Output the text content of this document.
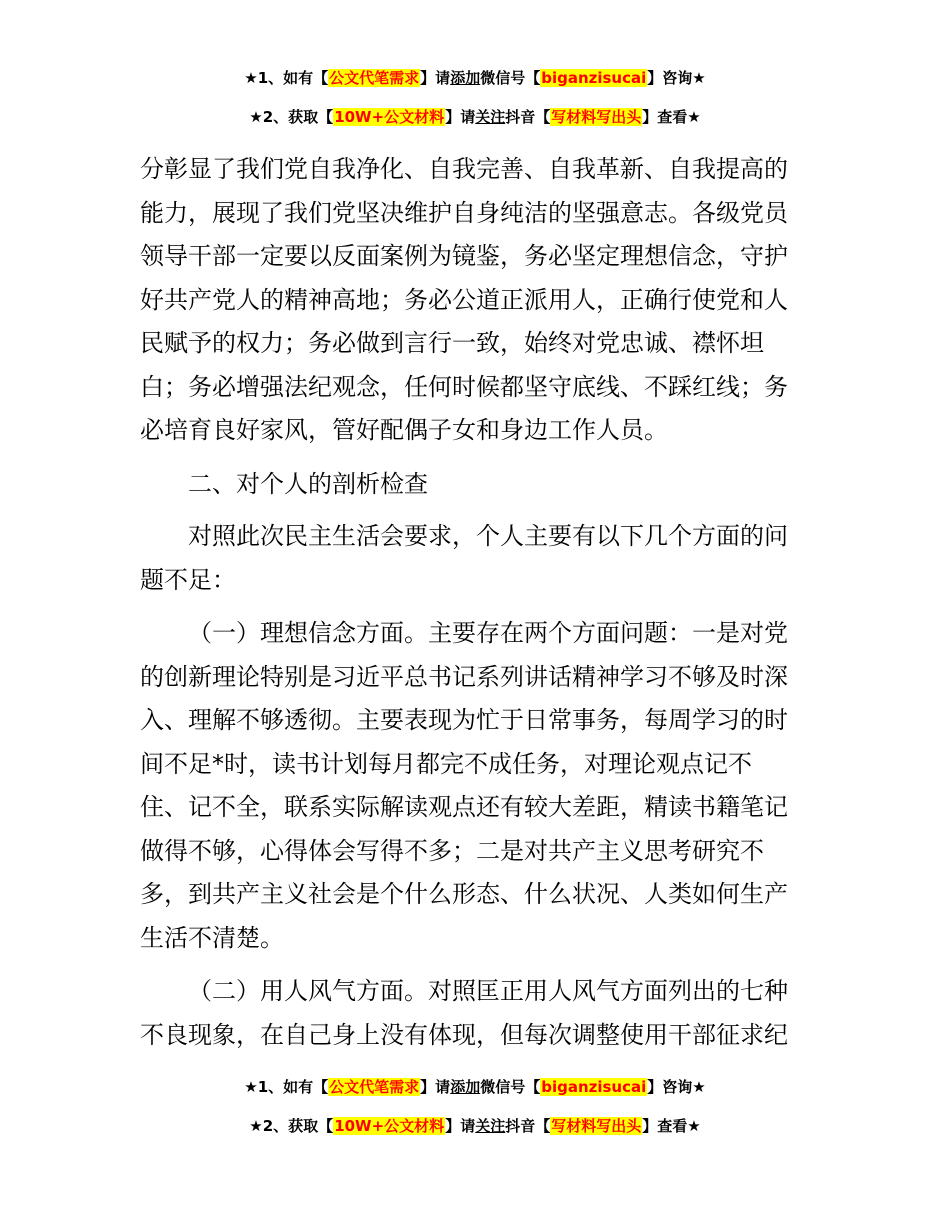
★1、如有【公文代笔需求】请添加微信号【biganzisucai】咨询★
★2、获取【10W+公文材料】请关注抖音【写材料写出头】查看★
分彰显了我们党自我净化、自我完善、自我革新、自我提高的
能力，展现了我们党坚决维护自身纯洁的坚强意志。各级党员
领导干部一定要以反面案例为镜鉴，务必坚定理想信念，守护
好共产党人的精神高地；务必公道正派用人，正确行使党和人
民赋予的权力；务必做到言行一致，始终对党忠诚、襟怀坦
白；务必增强法纪观念，任何时候都坚守底线、不踩红线；务
必培育良好家风，管好配偶子女和身边工作人员。
二、对个人的剖析检查
对照此次民主生活会要求，个人主要有以下几个方面的问
题不足：
（一）理想信念方面。主要存在两个方面问题：一是对党
的创新理论特别是习近平总书记系列讲话精神学习不够及时深
入、理解不够透彻。主要表现为忙于日常事务，每周学习的时
间不足*时，读书计划每月都完不成任务，对理论观点记不
住、记不全，联系实际解读观点还有较大差距，精读书籍笔记
做得不够，心得体会写得不多；二是对共产主义思考研究不
多，到共产主义社会是个什么形态、什么状况、人类如何生产
生活不清楚。
（二）用人风气方面。对照匡正用人风气方面列出的七种
不良现象，在自己身上没有体现，但每次调整使用干部征求纪
★1、如有【公文代笔需求】请添加微信号【biganzisucai】咨询★
★2、获取【10W+公文材料】请关注抖音【写材料写出头】查看★
